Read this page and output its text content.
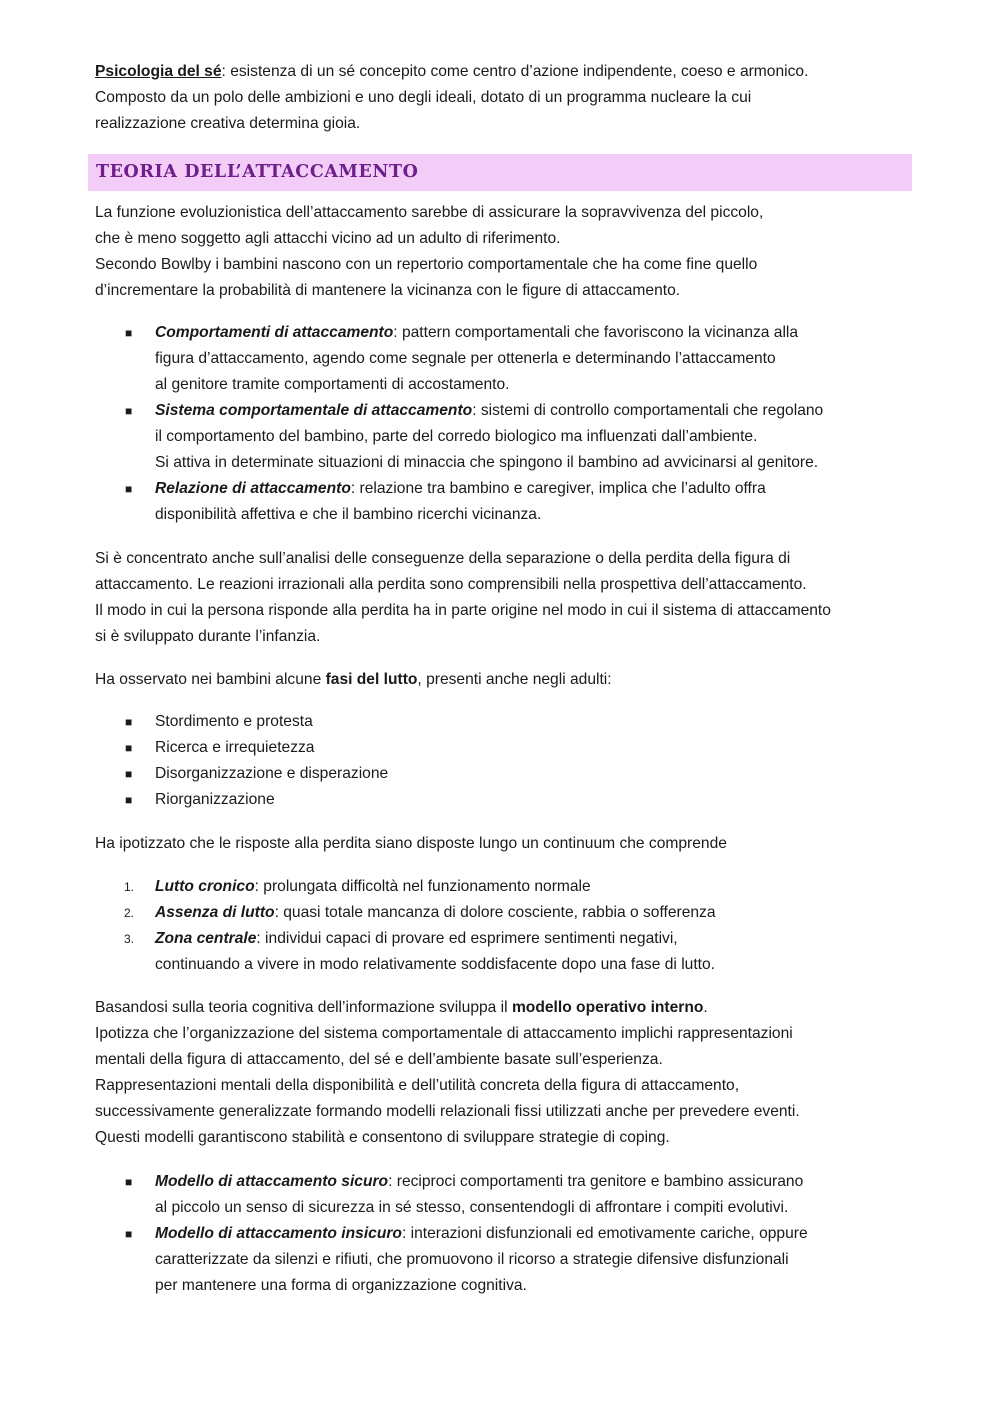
Psicologia del sé: esistenza di un sé concepito come centro d’azione indipendente, coeso e armonico.
Composto da un polo delle ambizioni e uno degli ideali, dotato di un programma nucleare la cui
realizzazione creativa determina gioia.
TEORIA DELL’ATTACCAMENTO
La funzione evoluzionistica dell’attaccamento sarebbe di assicurare la sopravvivenza del piccolo,
che è meno soggetto agli attacchi vicino ad un adulto di riferimento.
Secondo Bowlby i bambini nascono con un repertorio comportamentale che ha come fine quello
d’incrementare la probabilità di mantenere la vicinanza con le figure di attaccamento.
■ Comportamenti di attaccamento: pattern comportamentali che favoriscono la vicinanza alla
figura d’attaccamento, agendo come segnale per ottenerla e determinando l’attaccamento
al genitore tramite comportamenti di accostamento.
■ Sistema comportamentale di attaccamento: sistemi di controllo comportamentali che regolano
il comportamento del bambino, parte del corredo biologico ma influenzati dall’ambiente.
Si attiva in determinate situazioni di minaccia che spingono il bambino ad avvicinarsi al genitore.
■ Relazione di attaccamento: relazione tra bambino e caregiver, implica che l’adulto offra
disponibilità affettiva e che il bambino ricerchi vicinanza.
Si è concentrato anche sull’analisi delle conseguenze della separazione o della perdita della figura di
attaccamento. Le reazioni irrazionali alla perdita sono comprensibili nella prospettiva dell’attaccamento.
Il modo in cui la persona risponde alla perdita ha in parte origine nel modo in cui il sistema di attaccamento
si è sviluppato durante l’infanzia.
Ha osservato nei bambini alcune fasi del lutto, presenti anche negli adulti:
■ Stordimento e protesta
■ Ricerca e irrequietezza
■ Disorganizzazione e disperazione
■ Riorganizzazione
Ha ipotizzato che le risposte alla perdita siano disposte lungo un continuum che comprende
1. Lutto cronico: prolungata difficoltà nel funzionamento normale
2. Assenza di lutto: quasi totale mancanza di dolore cosciente, rabbia o sofferenza
3. Zona centrale: individui capaci di provare ed esprimere sentimenti negativi,
continuando a vivere in modo relativamente soddisfacente dopo una fase di lutto.
Basandosi sulla teoria cognitiva dell’informazione sviluppa il modello operativo interno.
Ipotizza che l’organizzazione del sistema comportamentale di attaccamento implichi rappresentazioni
mentali della figura di attaccamento, del sé e dell’ambiente basate sull’esperienza.
Rappresentazioni mentali della disponibilità e dell’utilità concreta della figura di attaccamento,
successivamente generalizzate formando modelli relazionali fissi utilizzati anche per prevedere eventi.
Questi modelli garantiscono stabilità e consentono di sviluppare strategie di coping.
■ Modello di attaccamento sicuro: reciproci comportamenti tra genitore e bambino assicurano
al piccolo un senso di sicurezza in sé stesso, consentendogli di affrontare i compiti evolutivi.
■ Modello di attaccamento insicuro: interazioni disfunzionali ed emotivamente cariche, oppure
caratterizzate da silenzi e rifiuti, che promuovono il ricorso a strategie difensive disfunzionali
per mantenere una forma di organizzazione cognitiva.
